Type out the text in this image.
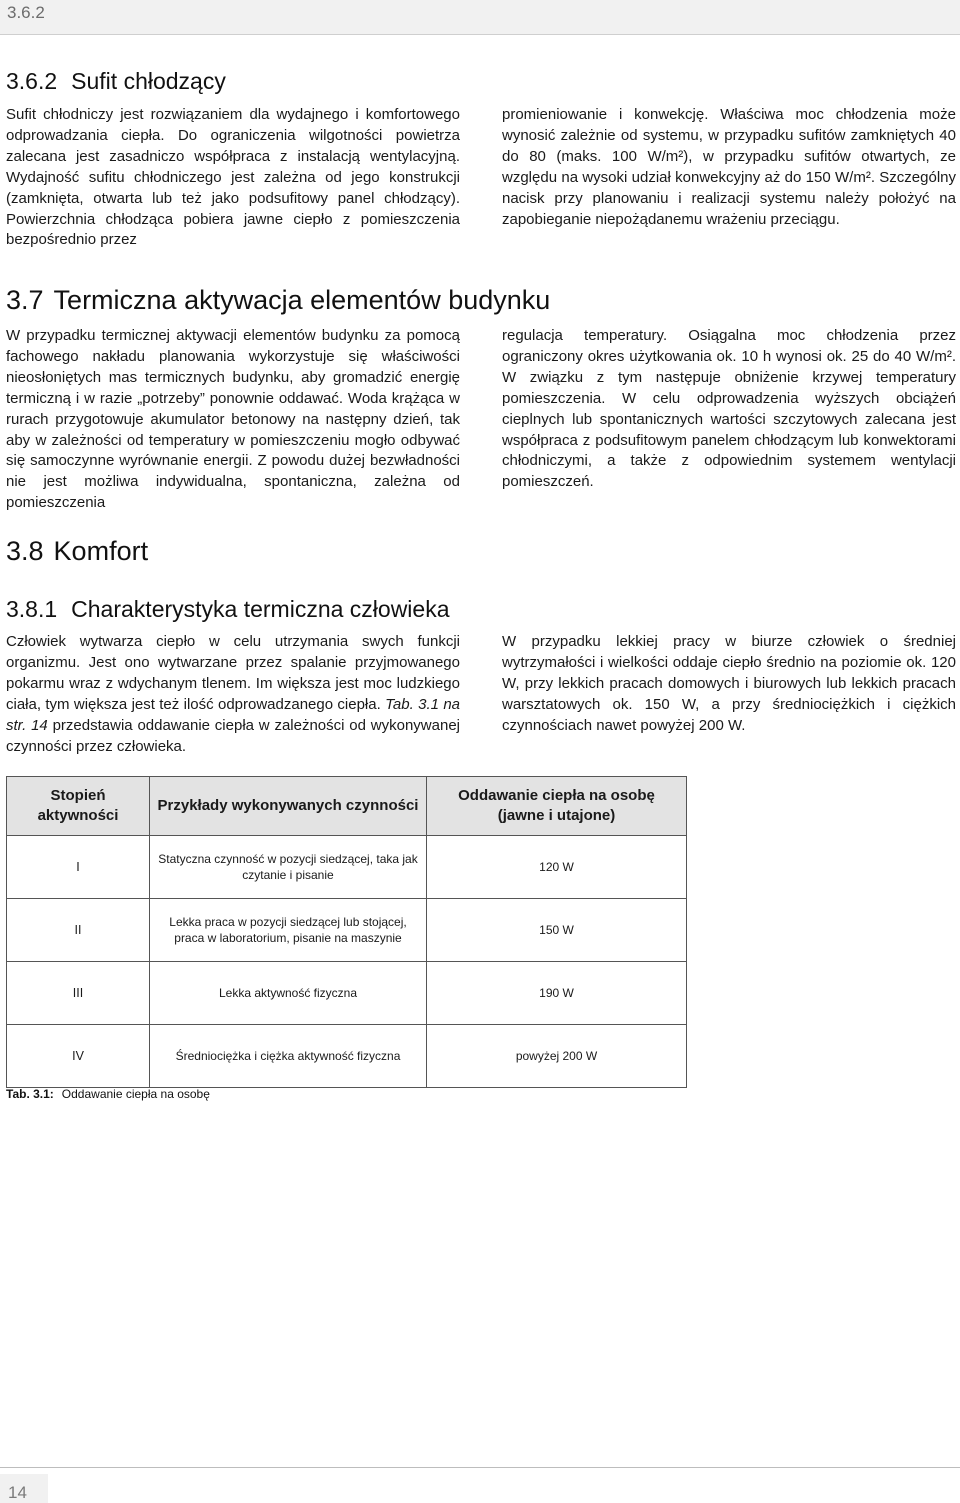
3.6.2
3.6.2 Sufit chłodzący

Sufit chłodniczy jest rozwiązaniem dla wydajnego i komfortowego odprowadzania ciepła. Do ograniczenia wilgotności powietrza zalecana jest zasadniczo współpraca z instalacją wentylacyjną. Wydajność sufitu chłodniczego jest zależna od jego konstrukcji (zamknięta, otwarta lub też jako podsufitowy panel chłodzący). Powierzchnia chłodząca pobiera jawne ciepło z pomieszczenia bezpośrednio przez

promieniowanie i konwekcję. Właściwa moc chłodzenia może wynosić zależnie od systemu, w przypadku sufitów zamkniętych 40 do 80 (maks. 100 W/m²), w przypadku sufitów otwartych, ze względu na wysoki udział konwekcyjny aż do 150 W/m². Szczególny nacisk przy planowaniu i realizacji systemu należy położyć na zapobieganie niepożądanemu wrażeniu przeciągu.

3.7 Termiczna aktywacja elementów budynku

W przypadku termicznej aktywacji elementów budynku za pomocą fachowego nakładu planowania wykorzystuje się właściwości nieosłoniętych mas termicznych budynku, aby gromadzić energię termiczną i w razie „potrzeby” ponownie oddawać. Woda krążąca w rurach przygotowuje akumulator betonowy na następny dzień, tak aby w zależności od temperatury w pomieszczeniu mogło odbywać się samoczynne wyrównanie energii. Z powodu dużej bezwładności nie jest możliwa indywidualna, spontaniczna, zależna od pomieszczenia

regulacja temperatury. Osiągalna moc chłodzenia przez ograniczony okres użytkowania ok. 10 h wynosi ok. 25 do 40 W/m². W związku z tym następuje obniżenie krzywej temperatury pomieszczenia. W celu odprowadzenia wyższych obciążeń cieplnych lub spontanicznych wartości szczytowych zalecana jest współpraca z podsufitowym panelem chłodzącym lub konwektorami chłodniczymi, a także z odpowiednim systemem wentylacji pomieszczeń.

3.8 Komfort
3.8.1 Charakterystyka termiczna człowieka

Człowiek wytwarza ciepło w celu utrzymania swych funkcji organizmu. Jest ono wytwarzane przez spalanie przyjmowanego pokarmu wraz z wdychanym tlenem. Im większa jest moc ludzkiego ciała, tym większa jest też ilość odprowadzanego ciepła. Tab. 3.1 na str. 14 przedstawia oddawanie ciepła w zależności od wykonywanej czynności przez człowieka.

W przypadku lekkiej pracy w biurze człowiek o średniej wytrzymałości i wielkości oddaje ciepło średnio na poziomie ok. 120 W, przy lekkich pracach domowych i biurowych lub lekkich pracach warsztatowych ok. 150 W, a przy średniociężkich i ciężkich czynnościach nawet powyżej 200 W.

Stopień aktywności	Przykłady wykonywanych czynności	Oddawanie ciepła na osobę (jawne i utajone)
I	Statyczna czynność w pozycji siedzącej, taka jak czytanie i pisanie	120 W
II	Lekka praca w pozycji siedzącej lub stojącej, praca w laboratorium, pisanie na maszynie	150 W
III	Lekka aktywność fizyczna	190 W
IV	Średniociężka i ciężka aktywność fizyczna	powyżej 200 W
Tab. 3.1: Oddawanie ciepła na osobę
14
